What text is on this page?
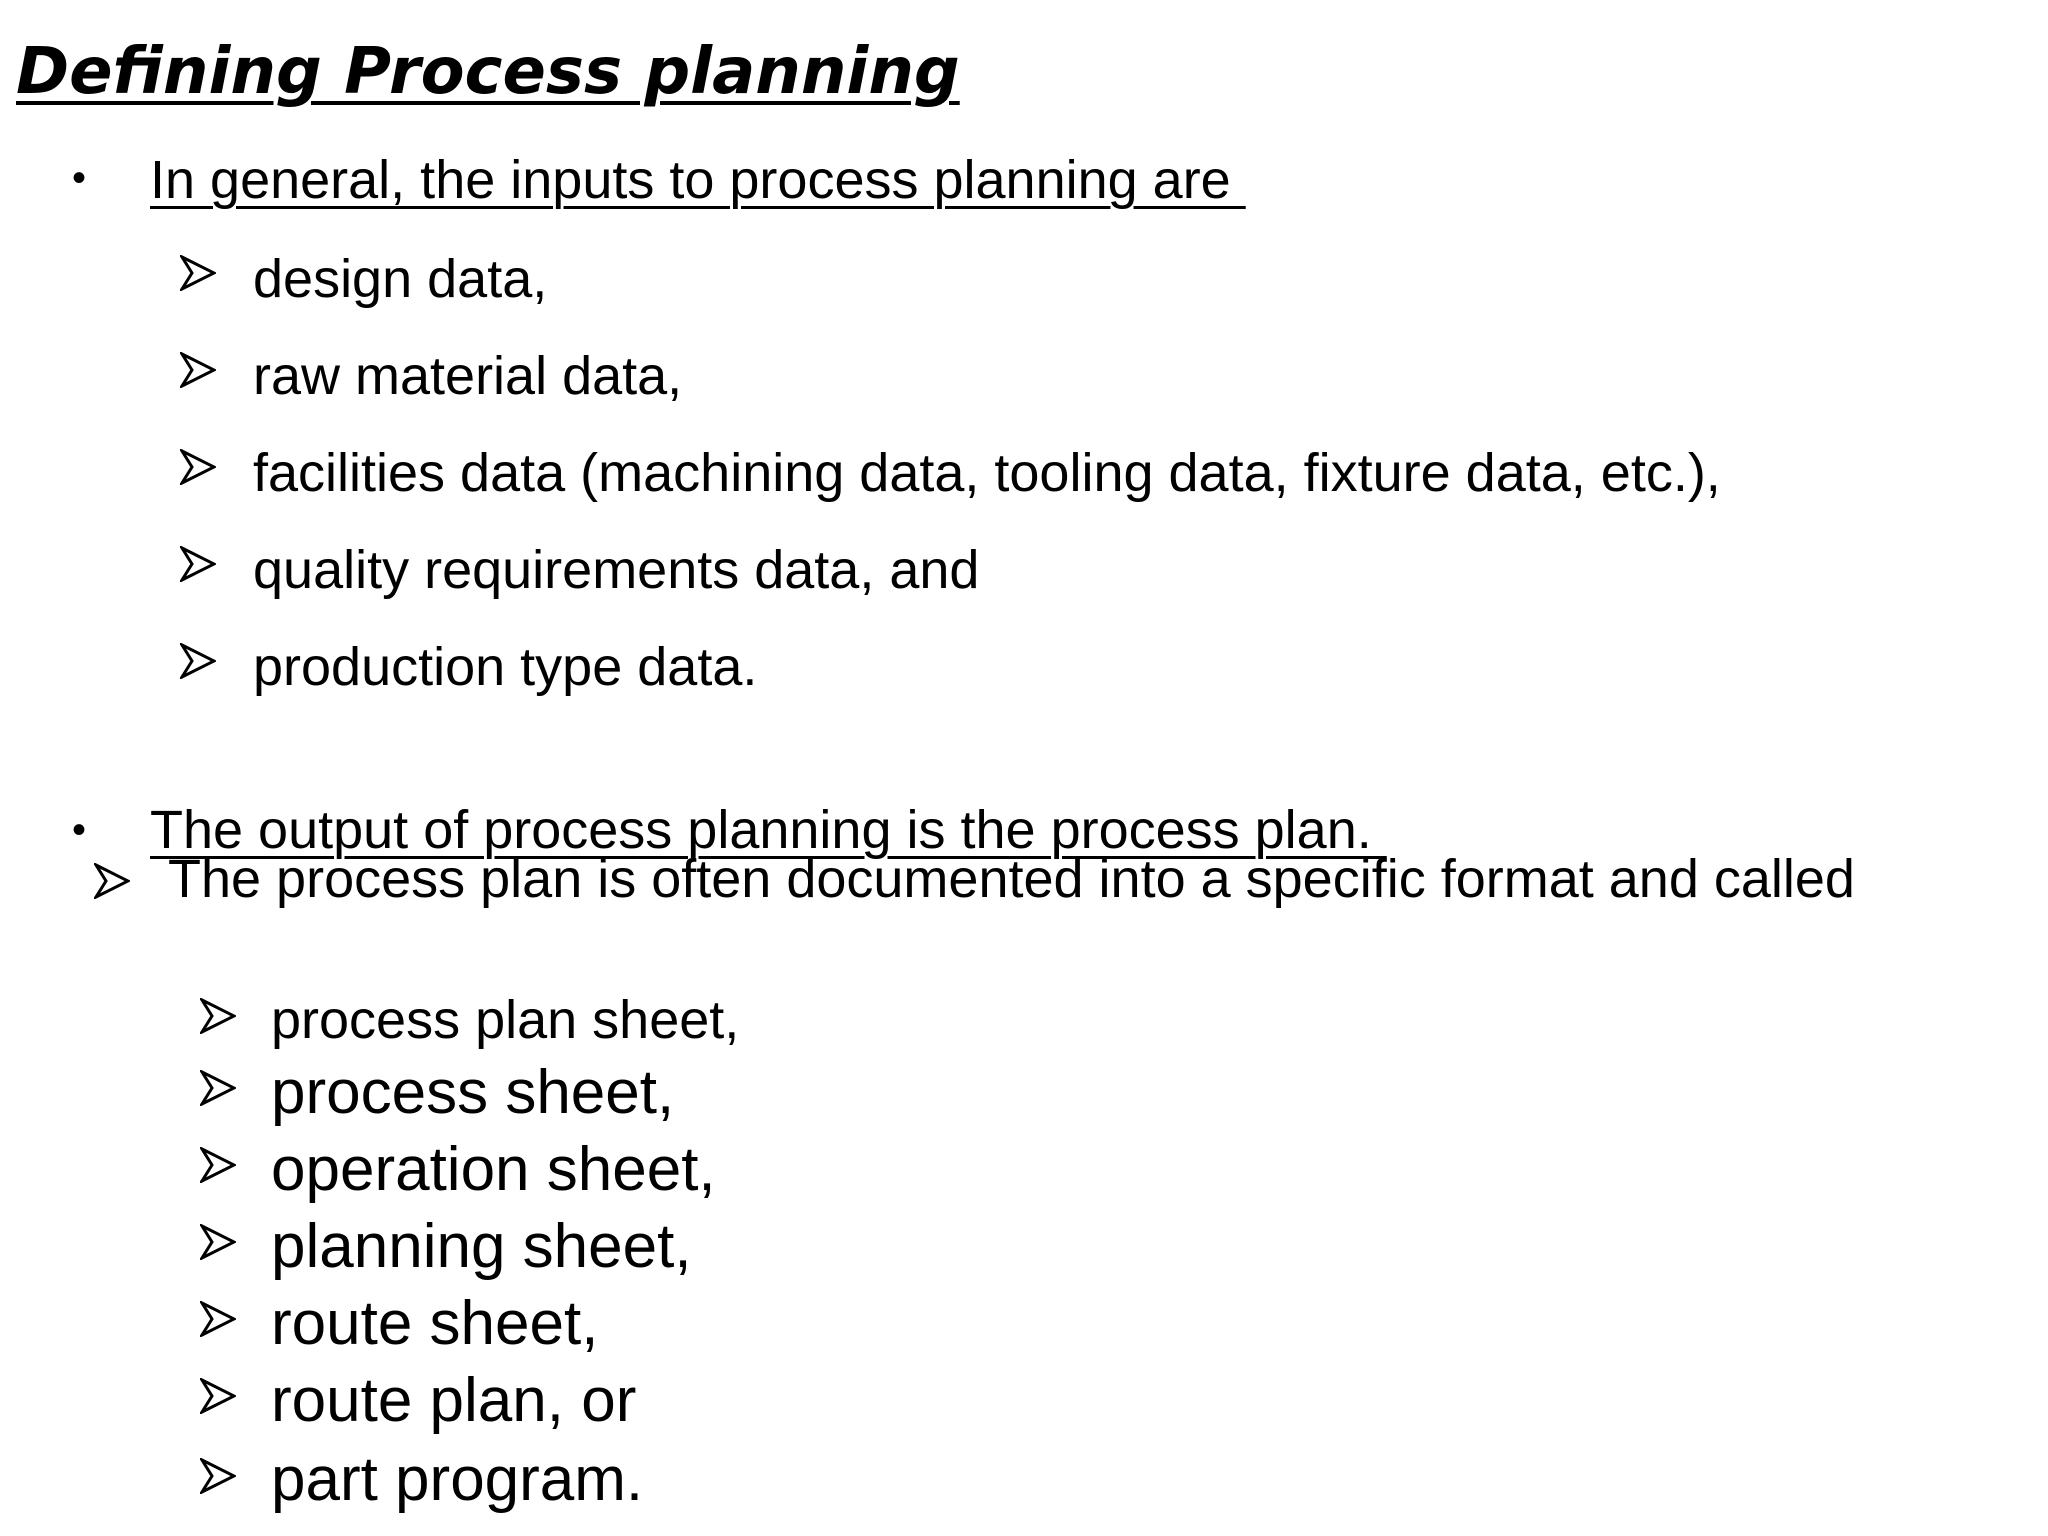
Defining Process planning
• In general, the inputs to process planning are
design data,
raw material data,
facilities data (machining data, tooling data, fixture data, etc.),
quality requirements data, and
production type data.
• The output of process planning is the process plan.
The process plan is often documented into a specific format and called
process plan sheet,
process sheet,
operation sheet,
planning sheet,
route sheet,
route plan, or
part program.
